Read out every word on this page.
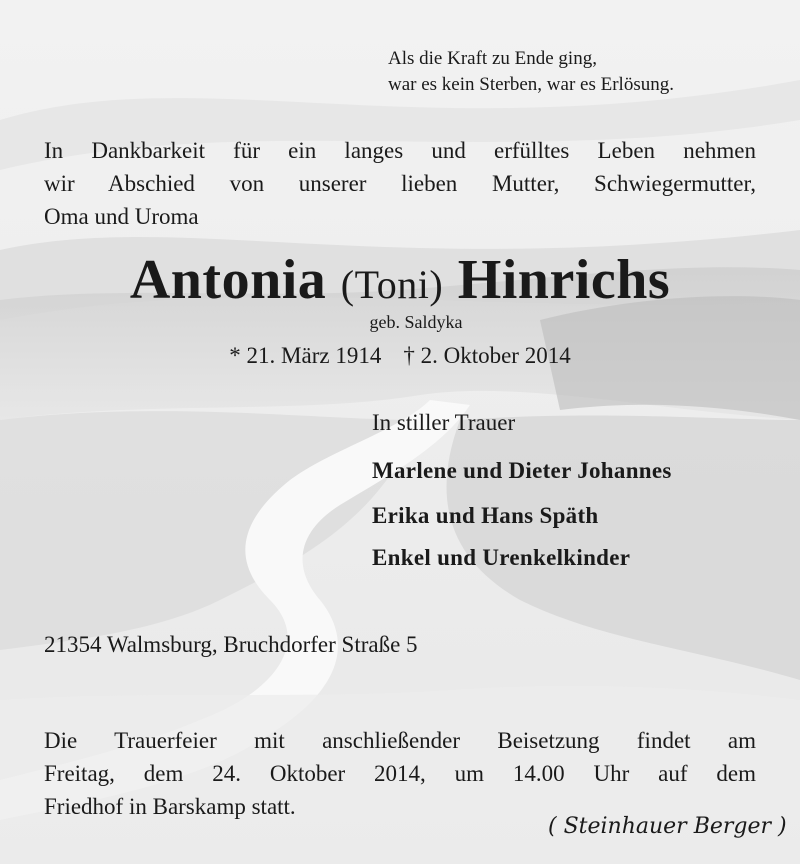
Als die Kraft zu Ende ging,
war es kein Sterben, war es Erlösung.
In Dankbarkeit für ein langes und erfülltes Leben nehmen
wir Abschied von unserer lieben Mutter, Schwiegermutter,
Oma und Uroma
Antonia (Toni) Hinrichs
geb. Saldyka
* 21. März 1914 † 2. Oktober 2014
In stiller Trauer
Marlene und Dieter Johannes
Erika und Hans Späth
Enkel und Urenkelkinder
21354 Walmsburg, Bruchdorfer Straße 5
Die Trauerfeier mit anschließender Beisetzung findet am
Freitag, dem 24. Oktober 2014, um 14.00 Uhr auf dem
Friedhof in Barskamp statt.
( Steinhauer Berger )
